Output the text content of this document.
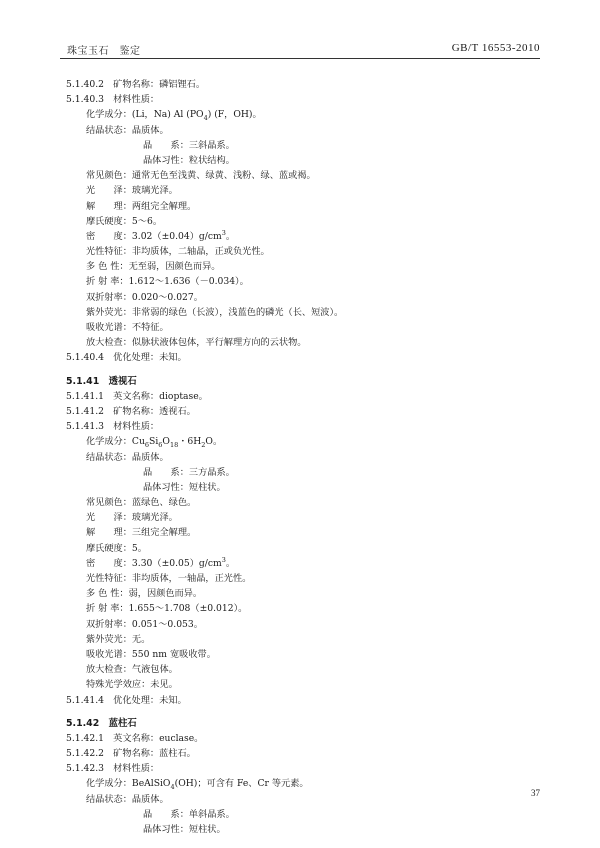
珠宝玉石　鉴定	GB/T 16553-2010
5.1.40.2　矿物名称：磷铝锂石。
5.1.40.3　材料性质：
化学成分：(Li，Na) Al $(PO_4)$ (F，OH)。
结晶状态：晶质体。
晶　　系：三斜晶系。
晶体习性：粒状结构。
常见颜色：通常无色至浅黄、绿黄、浅粉、绿、蓝或褐。
光　　泽：玻璃光泽。
解　　理：两组完全解理。
摩氏硬度：5～6。
密　　度：$3.02(\pm 0.04)g/cm^3$。
光性特征：非均质体，二轴晶，正或负光性。
多 色 性：无至弱，因颜色而异。
折 射 率：1.612～1.636（－0.034）。
双折射率：0.020～0.027。
紫外荧光：非常弱的绿色（长波），浅蓝色的磷光（长、短波）。
吸收光谱：不特征。
放大检查：似脉状液体包体，平行解理方向的云状物。
5.1.40.4　优化处理：未知。
5.1.41　透视石
5.1.41.1　英文名称：dioptase。
5.1.41.2　矿物名称：透视石。
5.1.41.3　材料性质：
化学成分：$Cu_6Si_6O_{18}$・$6H_2O$。
结晶状态：晶质体。
晶　　系：三方晶系。
晶体习性：短柱状。
常见颜色：蓝绿色、绿色。
光　　泽：玻璃光泽。
解　　理：三组完全解理。
摩氏硬度：5。
密　　度：$3.30(\pm 0.05)g/cm^3$。
光性特征：非均质体，一轴晶，正光性。
多 色 性：弱，因颜色而异。
折 射 率：1.655～1.708（±0.012）。
双折射率：0.051～0.053。
紫外荧光：无。
吸收光谱：550 nm 宽吸收带。
放大检查：气液包体。
特殊光学效应：未见。
5.1.41.4　优化处理：未知。
5.1.42　蓝柱石
5.1.42.1　英文名称：euclase。
5.1.42.2　矿物名称：蓝柱石。
5.1.42.3　材料性质：
化学成分：BeAlSiO$_4$(OH)；可含有 Fe、Cr 等元素。
结晶状态：晶质体。
晶　　系：单斜晶系。
晶体习性：短柱状。
37
